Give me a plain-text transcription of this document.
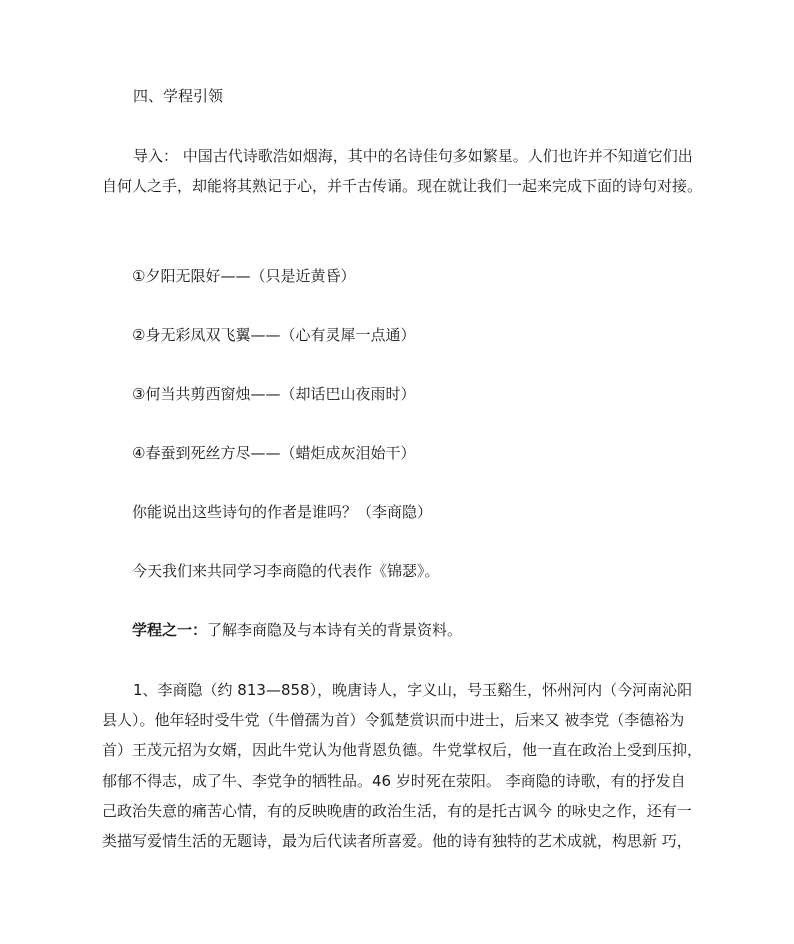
四、学程引领
导入： 中国古代诗歌浩如烟海，其中的名诗佳句多如繁星。人们也许并不知道它们出
自何人之手，却能将其熟记于心，并千古传诵。现在就让我们一起来完成下面的诗句对接。
①夕阳无限好——（只是近黄昏）
②身无彩凤双飞翼——（心有灵犀一点通）
③何当共剪西窗烛——（却话巴山夜雨时）
④春蚕到死丝方尽——（蜡炬成灰泪始干）
你能说出这些诗句的作者是谁吗？（李商隐）
今天我们来共同学习李商隐的代表作《锦瑟》。
学程之一：了解李商隐及与本诗有关的背景资料。
1、李商隐（约 813—858），晚唐诗人，字义山，号玉谿生，怀州河内（今河南沁阳
县人）。他年轻时受牛党（牛僧孺为首）令狐楚赏识而中进士，后来又 被李党（李德裕为
首）王茂元招为女婿，因此牛党认为他背恩负德。牛党掌权后，他一直在政治上受到压抑，
郁郁不得志，成了牛、李党争的牺牲品。46 岁时死在荥阳。 李商隐的诗歌，有的抒发自
己政治失意的痛苦心情，有的反映晚唐的政治生活，有的是托古讽今 的咏史之作，还有一
类描写爱情生活的无题诗，最为后代读者所喜爱。他的诗有独特的艺术成就，构思新 巧，
